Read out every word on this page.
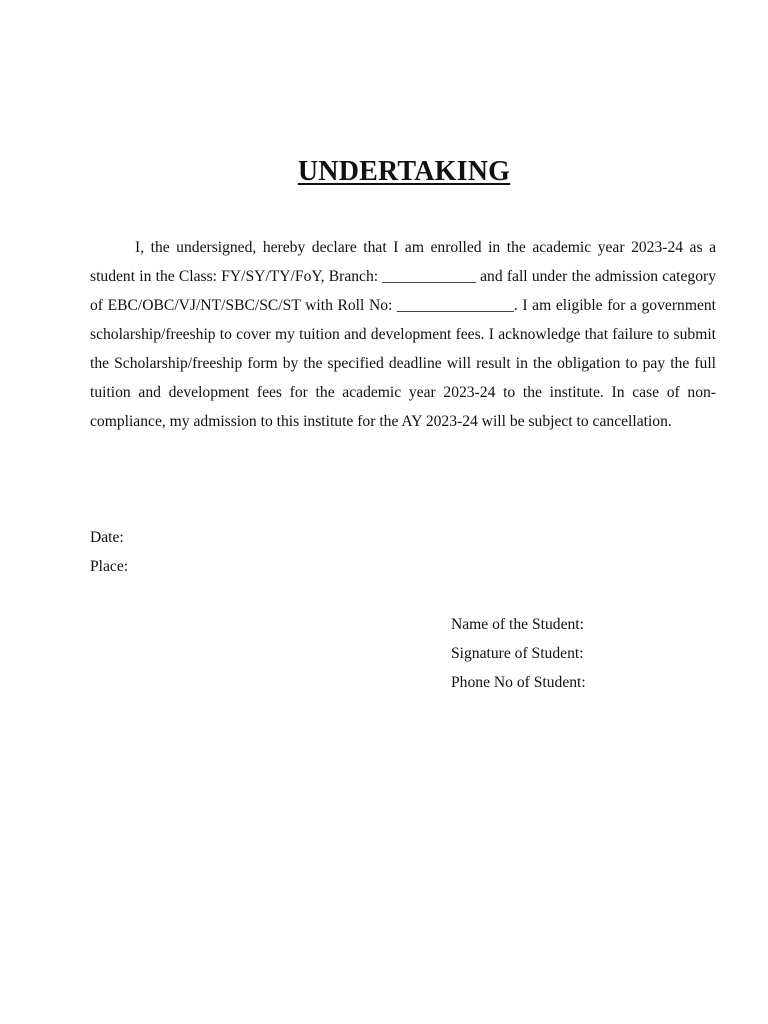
UNDERTAKING

I, the undersigned, hereby declare that I am enrolled in the academic year 2023-24 as a student in the Class: FY/SY/TY/FoY, Branch: ____________ and fall under the admission category of EBC/OBC/VJ/NT/SBC/SC/ST with Roll No: _______________. I am eligible for a government scholarship/freeship to cover my tuition and development fees. I acknowledge that failure to submit the Scholarship/freeship form by the specified deadline will result in the obligation to pay the full tuition and development fees for the academic year 2023-24 to the institute. In case of non-compliance, my admission to this institute for the AY 2023-24 will be subject to cancellation.

Date:
Place:
Name of the Student:
Signature of Student:
Phone No of Student:
